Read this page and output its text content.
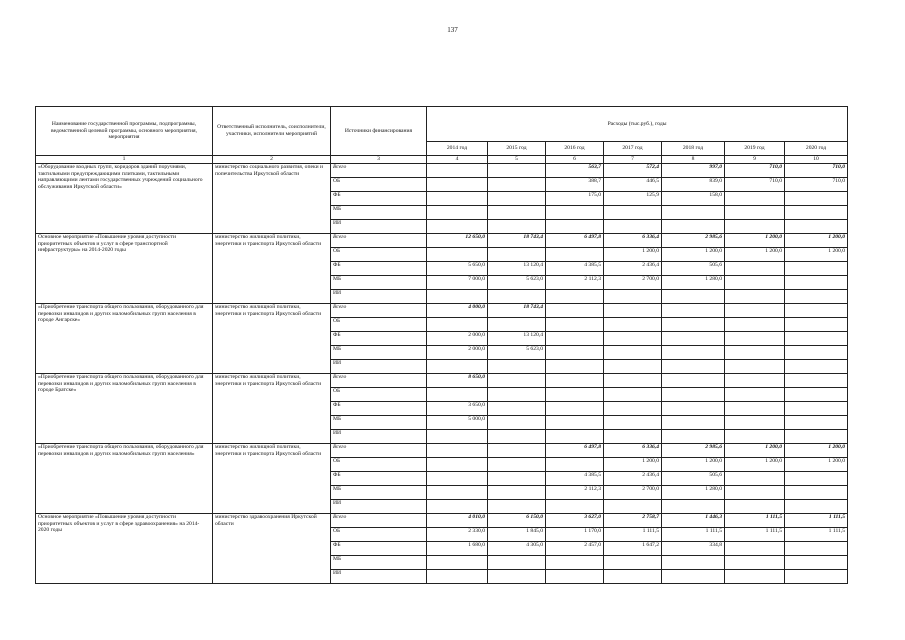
137
Наименование государственной программы, подпрограммы, ведомственной целевой программы, основного мероприятия, мероприятия	Ответственный исполнитель, соисполнители, участники, исполнители мероприятий	Источники финансирования	Расходы (тыс.руб.), годы						
			2014 год	2015 год	2016 год	2017 год	2018 год	2019 год	2020 год
1	2	3	4	5	6	7	8	9	10
«Оборудование входных групп, коридоров зданий поручнями, тактильными предупреждающими плитками, тактильными направляющими лентами государственных учреждений социального обслуживания Иркутской области»	министерство социального развития, опеки и попечительства Иркутской области	Всего			563,7	572,4	997,0	710,0	710,0
		ОБ			388,7	446,5	839,0	710,0	710,0
		ФБ			175,0	125,9	158,0		
		МБ							
		ИИ							
Основное мероприятие «Повышение уровня доступности приоритетных объектов и услуг в сфере транспортной инфраструктуры» на 2014-2020 годы	министерство жилищной политики, энергетики и транспорта Иркутской области	Всего	12 650,0	18 743,4	6 497,8	6 336,4	2 985,6	1 200,0	1 200,0
		ОБ				1 200,0	1 200,0	1 200,0	1 200,0
		ФБ	5 650,0	13 120,4	4 385,5	2 436,4	505,6		
		МБ	7 000,0	5 623,0	2 112,3	2 700,0	1 280,0		
		ИИ							
«Приобретение транспорта общего пользования, оборудованного для перевозки инвалидов и других маломобильных групп населения в городе Ангарске»	министерство жилищной политики, энергетики и транспорта Иркутской области	Всего	4 000,0	18 743,4					
		ОБ							
		ФБ	2 000,0	13 120,4					
		МБ	2 000,0	5 623,0					
		ИИ							
«Приобретение транспорта общего пользования, оборудованного для перевозки инвалидов и других маломобильных групп населения в городе Братске»	министерство жилищной политики, энергетики и транспорта Иркутской области	Всего	8 650,0						
		ОБ							
		ФБ	3 650,0						
		МБ	5 000,0						
		ИИ							
«Приобретение транспорта общего пользования, оборудованного для перевозки инвалидов и других маломобильных групп населения»	министерство жилищной политики, энергетики и транспорта Иркутской области	Всего			6 497,8	6 336,4	2 985,6	1 200,0	1 200,0
		ОБ				1 200,0	1 200,0	1 200,0	1 200,0
		ФБ			4 385,5	2 436,4	505,6		
		МБ			2 112,3	2 700,0	1 280,0		
		ИИ							
Основное мероприятие «Повышение уровня доступности приоритетных объектов и услуг в сфере здравоохранения» на 2014-2020 годы	министерство здравоохранения Иркутской области	Всего	4 010,0	6 150,0	3 627,0	2 758,7	1 446,3	1 111,5	1 111,5
		ОБ	2 330,0	1 845,0	1 170,0	1 111,5	1 111,5	1 111,5	1 111,5
		ФБ	1 680,0	4 305,0	2 457,0	1 647,2	334,8		
		МБ							
		ИИ							
